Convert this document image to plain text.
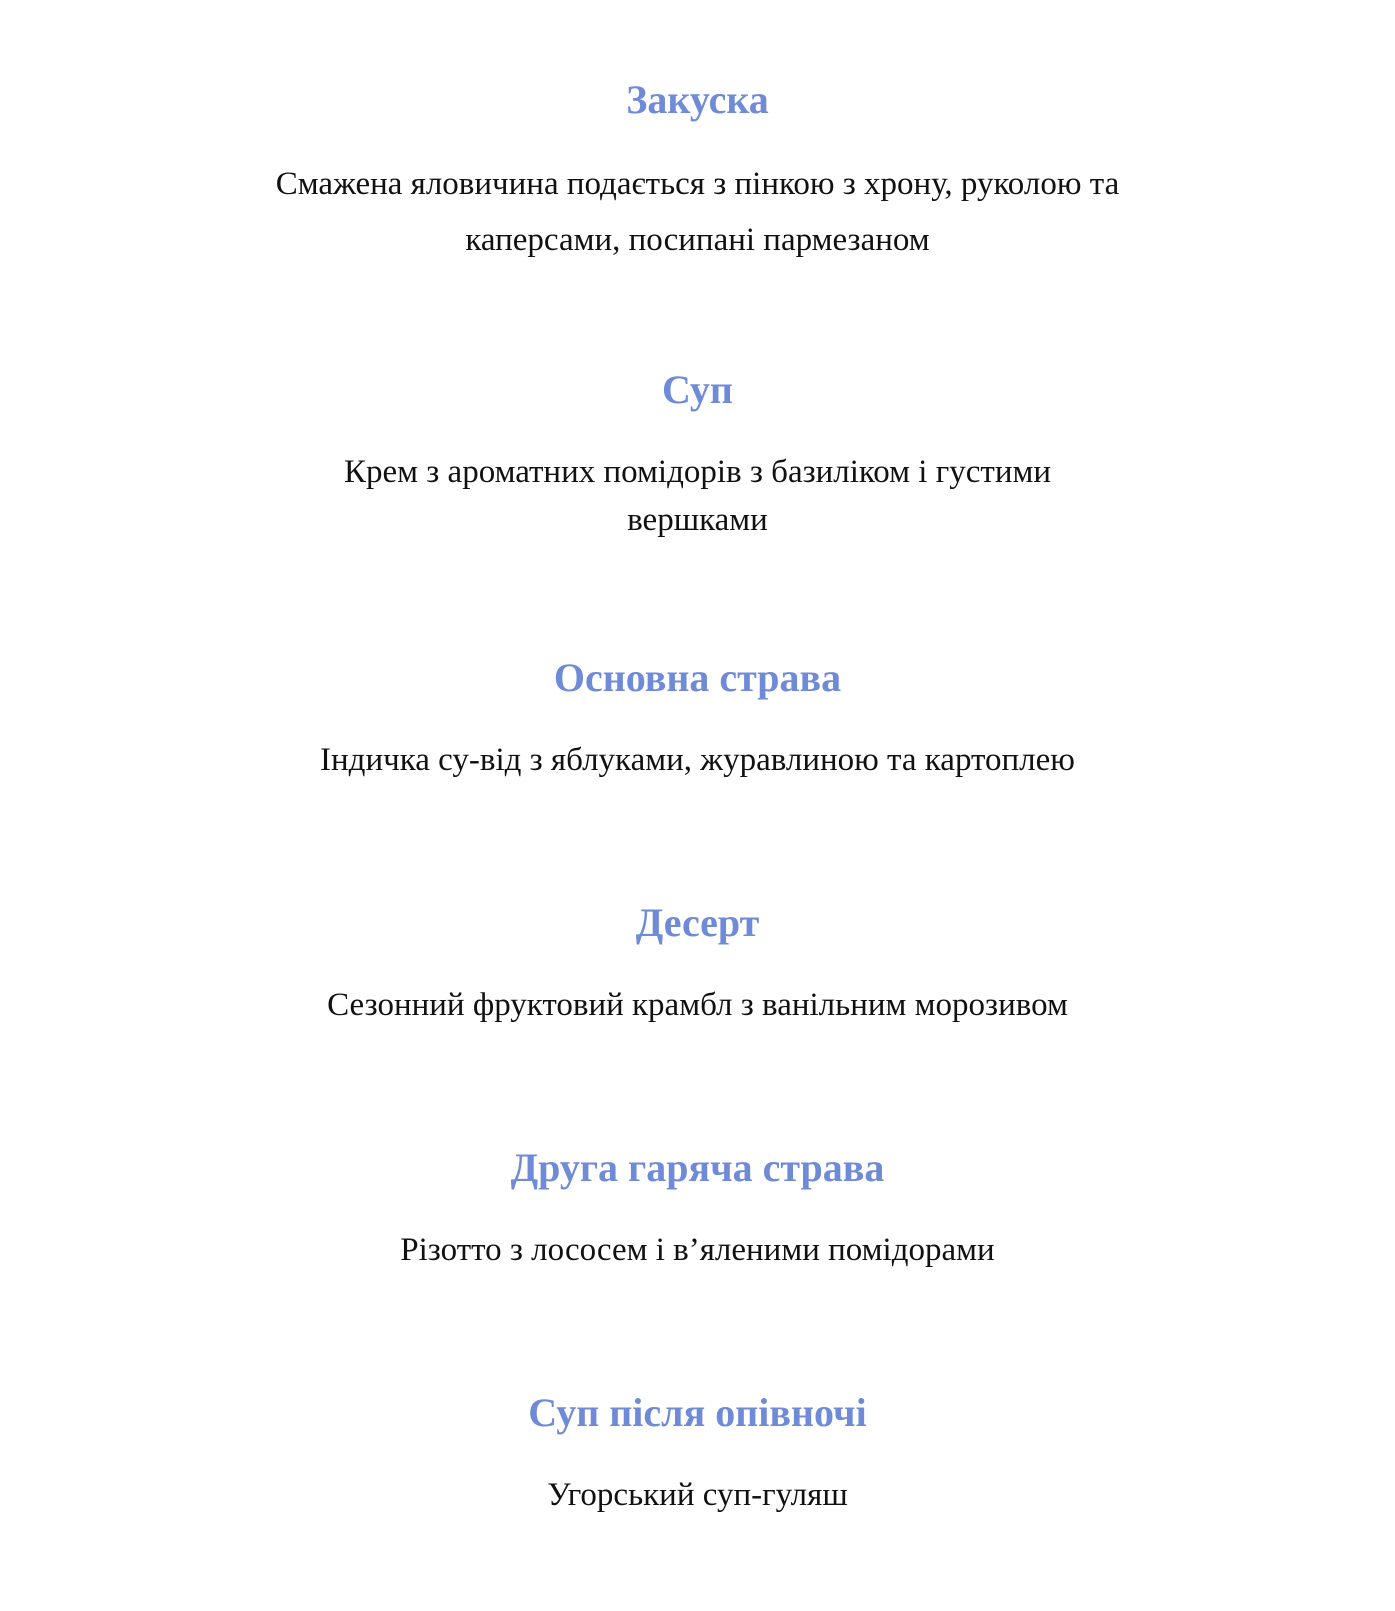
Закуска

Смажена яловичина подається з пінкою з хрону, руколою та каперсами, посипані пармезаном

Суп

Крем з ароматних помідорів з базиліком і густими вершками

Основна страва

Індичка су-від з яблуками, журавлиною та картоплею

Десерт

Сезонний фруктовий крамбл з ванільним морозивом

Друга гаряча страва

Різотто з лососем і в’яленими помідорами

Суп після опівночі

Угорський суп-гуляш
